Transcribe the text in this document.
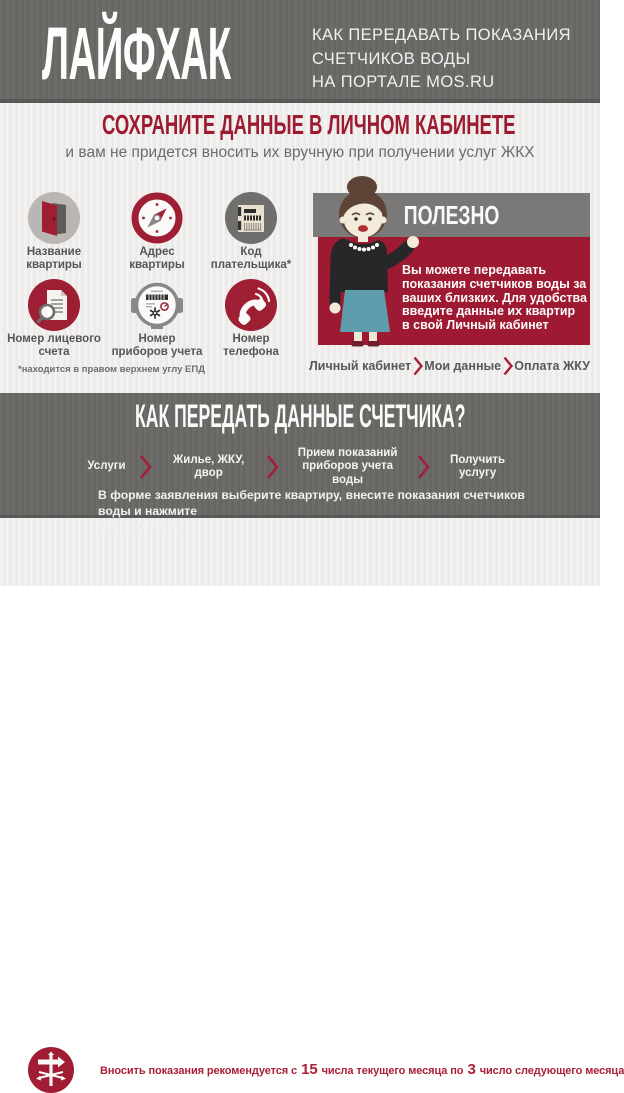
ЛАЙФХАК	КАК ПЕРЕДАВАТЬ ПОКАЗАНИЯ
СЧЕТЧИКОВ ВОДЫ
НА ПОРТАЛЕ MOS.RU
СОХРАНИТЕ ДАННЫЕ В ЛИЧНОМ КАБИНЕТЕ
и вам не придется вносить их вручную при получении услуг ЖКХ
Название
квартиры
Адрес
квартиры
Код
плательщика*
Номер лицевого
счета
Номер
приборов учета
Номер
телефона
*находится в правом верхнем углу ЕПД
ПОЛЕЗНО
Вы можете передавать
показания счетчиков воды за
ваших близких. Для удобства
введите данные их квартир
в свой Личный кабинет
Личный кабинет Мои данные Оплата ЖКУ
КАК ПЕРЕДАТЬ ДАННЫЕ СЧЕТЧИКА?
Услуги
Жилье, ЖКУ,
двор
Прием показаний
приборов учета
воды
Получить
услугу
В форме заявления выберите квартиру, внесите показания счетчиков воды и нажмите
«Отправить».
Вносить показания рекомендуется с 15 числа текущего месяца по 3 число следующего месяца
